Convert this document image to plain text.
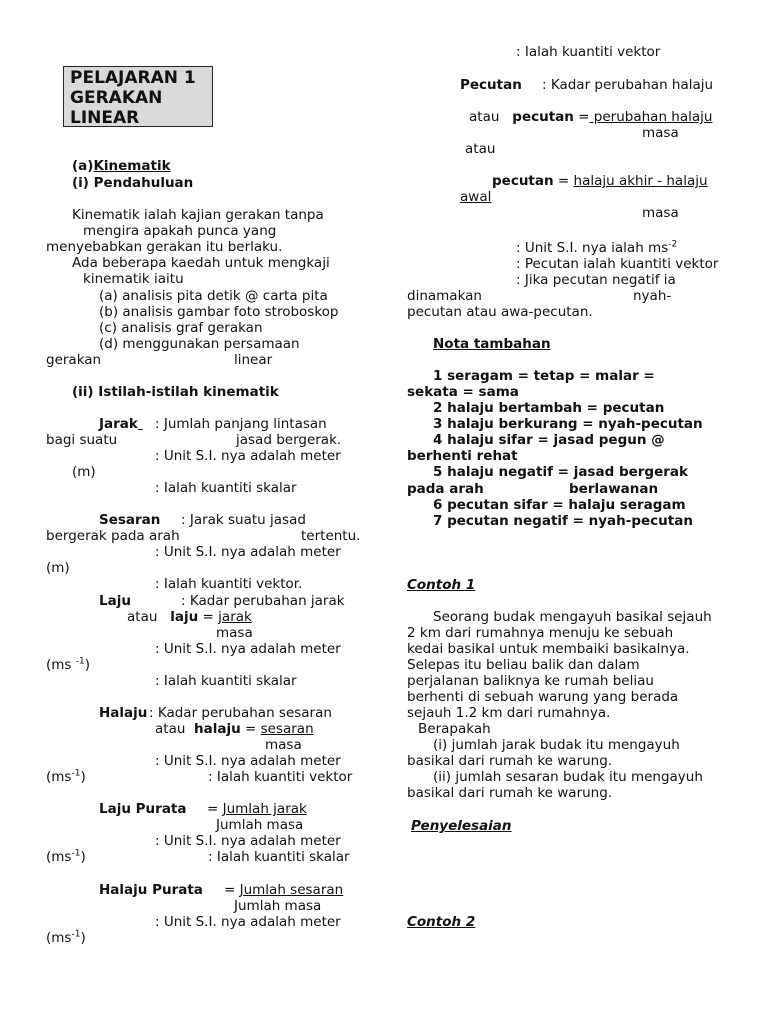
PELAJARAN 1
GERAKAN
LINEAR
(a)Kinematik
(i) Pendahuluan
Kinematik ialah kajian gerakan tanpa
mengira apakah punca yang
menyebabkan gerakan itu berlaku.
Ada beberapa kaedah untuk mengkaji
kinematik iaitu
(a) analisis pita detik @ carta pita
(b) analisis gambar foto stroboskop
(c) analisis graf gerakan
(d) menggunakan persamaan
gerakan	linear
(ii) Istilah-istilah kinematik
Jarak	: Jumlah panjang lintasan
bagi suatu	jasad bergerak.
: Unit S.I. nya adalah meter
(m)
: Ialah kuantiti skalar
Sesaran : Jarak suatu jasad
bergerak pada arah	tertentu.
: Unit S.I. nya adalah meter
(m)
: Ialah kuantiti vektor.
Laju	: Kadar perubahan jarak
atau laju = jarak
masa
: Unit S.I. nya adalah meter
(ms $^{-1}$)
: Ialah kuantiti skalar
Halaju : Kadar perubahan sesaran
atau halaju = sesaran
masa
: Unit S.I. nya adalah meter
$(ms^{-1})$	: Ialah kuantiti vektor
Laju Purata = Jumlah jarak
Jumlah masa
: Unit S.I. nya adalah meter
$(ms^{-1})$	: Ialah kuantiti skalar
Halaju Purata = Jumlah sesaran
Jumlah masa
: Unit S.I. nya adalah meter
$(ms^{-1})$
: Ialah kuantiti vektor
Pecutan : Kadar perubahan halaju
atau pecutan = perubahan halaju
masa
atau
pecutan = halaju akhir - halaju
awal
masa
: Unit S.I. nya ialah $ms^{-2}$
: Pecutan ialah kuantiti vektor
: Jika pecutan negatif ia
dinamakan	nyah-
pecutan atau awa-pecutan.
Nota tambahan
1 seragam = tetap = malar =
sekata = sama
2 halaju bertambah = pecutan
3 halaju berkurang = nyah-pecutan
4 halaju sifar = jasad pegun @
berhenti rehat
5 halaju negatif = jasad bergerak
pada arah	berlawanan
6 pecutan sifar = halaju seragam
7 pecutan negatif = nyah-pecutan
Contoh 1
Seorang budak mengayuh basikal sejauh
2 km dari rumahnya menuju ke sebuah
kedai basikal untuk membaiki basikalnya.
Selepas itu beliau balik dan dalam
perjalanan baliknya ke rumah beliau
berhenti di sebuah warung yang berada
sejauh 1.2 km dari rumahnya.
Berapakah
(i) jumlah jarak budak itu mengayuh
basikal dari rumah ke warung.
(ii) jumlah sesaran budak itu mengayuh
basikal dari rumah ke warung.
Penyelesaian
Contoh 2
